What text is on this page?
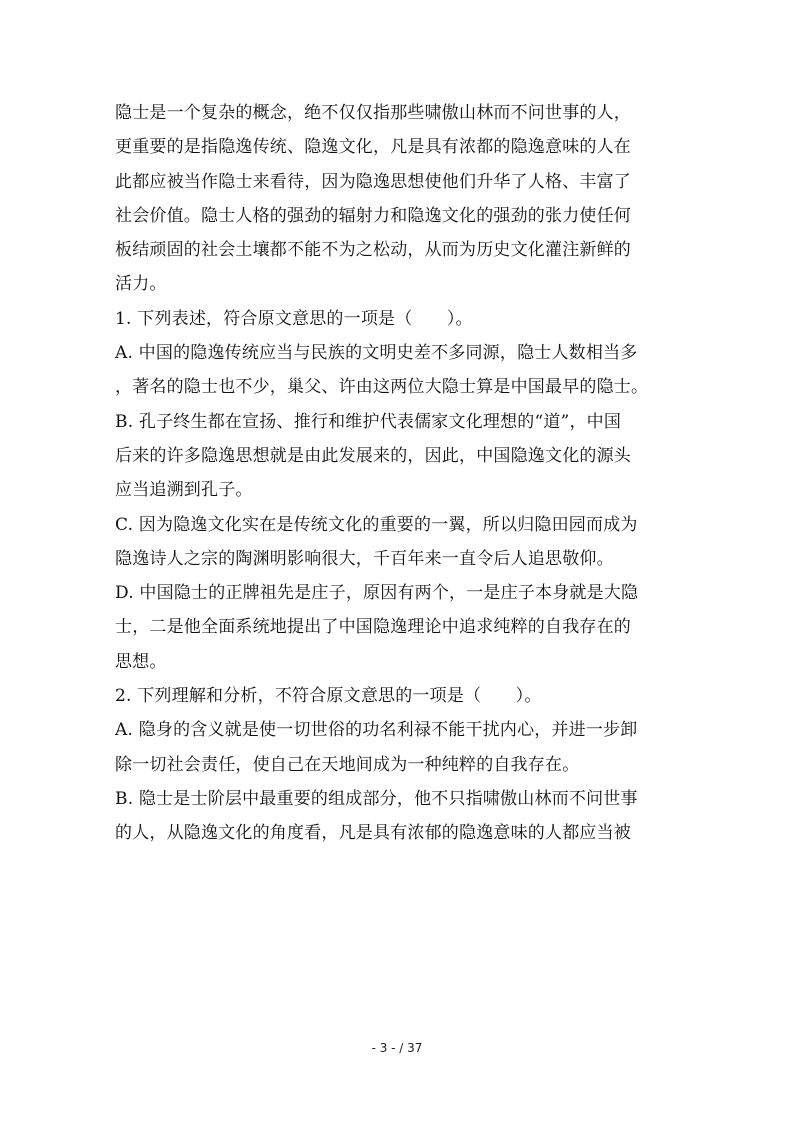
隐士是一个复杂的概念，绝不仅仅指那些啸傲山林而不问世事的人，
更重要的是指隐逸传统、隐逸文化，凡是具有浓都的隐逸意味的人在
此都应被当作隐士来看待，因为隐逸思想使他们升华了人格、丰富了
社会价值。隐士人格的强劲的辐射力和隐逸文化的强劲的张力使任何
板结顽固的社会土壤都不能不为之松动，从而为历史文化灌注新鲜的
活力。
1. 下列表述，符合原文意思的一项是（　　）。
A. 中国的隐逸传统应当与民族的文明史差不多同源，隐士人数相当多
，著名的隐士也不少，巢父、许由这两位大隐士算是中国最早的隐士。
B. 孔子终生都在宣扬、推行和维护代表儒家文化理想的“道”，中国
后来的许多隐逸思想就是由此发展来的，因此，中国隐逸文化的源头
应当追溯到孔子。
C. 因为隐逸文化实在是传统文化的重要的一翼，所以归隐田园而成为
隐逸诗人之宗的陶渊明影响很大，千百年来一直令后人追思敬仰。
D. 中国隐士的正牌祖先是庄子，原因有两个，一是庄子本身就是大隐
士，二是他全面系统地提出了中国隐逸理论中追求纯粹的自我存在的
思想。
2. 下列理解和分析，不符合原文意思的一项是（　　）。
A. 隐身的含义就是使一切世俗的功名利禄不能干扰内心，并进一步卸
除一切社会责任，使自己在天地间成为一种纯粹的自我存在。
B. 隐士是士阶层中最重要的组成部分，他不只指啸傲山林而不问世事
的人，从隐逸文化的角度看，凡是具有浓郁的隐逸意味的人都应当被
- 3 - / 37
